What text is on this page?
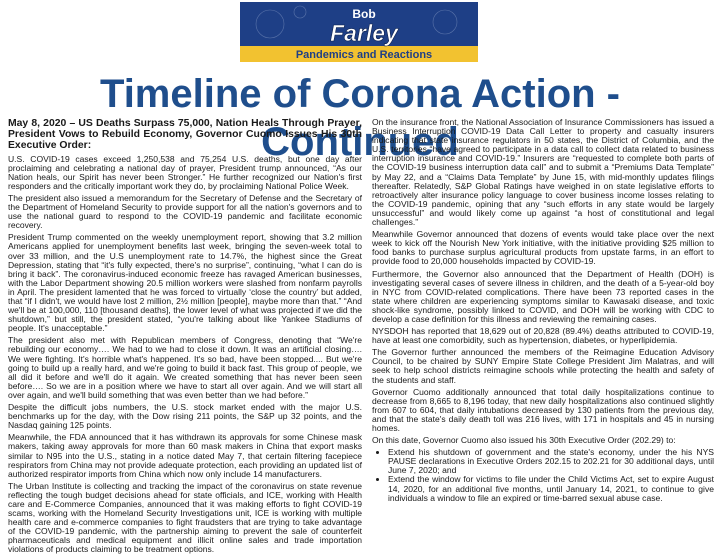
Bob
Farley
Pandemics and Reactions
Timeline of Corona Action - Continued

May 8, 2020 – US Deaths Surpass 75,000, Nation Heals Through Prayer, President Vows to Rebuild Economy, Governor Cuomo Issues His 30th Executive Order:

U.S. COVID-19 cases exceed 1,250,538 and 75,254 U.S. deaths, but one day after proclaiming and celebrating a national day of prayer, President trump announced, “As our Nation heals, our Spirit has never been Stronger.” He further recognized our Nation's first responders and the critically important work they do, by proclaiming National Police Week.

The president also issued a memorandum for the Secretary of Defense and the Secretary of the Department of Homeland Security to provide support for all the nation's governors and to use the national guard to respond to the COVID-19 pandemic and facilitate economic recovery.

President Trump commented on the weekly unemployment report, showing that 3.2 million Americans applied for unemployment benefits last week, bringing the seven-week total to over 33 million, and the U.S unemployment rate to 14.7%, the highest since the Great Depression, stating that “it's fully expected, there's no surprise”, continuing, “what I can do is bring it back”. The coronavirus-induced economic freeze has ravaged American businesses, with the Labor Department showing 20.5 million workers were slashed from nonfarm payrolls in April. The president lamented that he was forced to virtually ‘close the country’ but added, that “if I didn't, we would have lost 2 million, 2½ million [people], maybe more than that.” “And we'll be at 100,000, 110 [thousand deaths], the lower level of what was projected if we did the shutdown,” but still, the president stated, “you're talking about like Yankee Stadiums of people. It's unacceptable.”

The president also met with Republican members of Congress, denoting that “We're rebuilding our economy…. We had to we had to close it down. It was an artificial closing…. We were fighting. It's horrible what's happened. It's so bad, have been stopped.... But we're going to build up a really hard, and we're going to build it back fast. This group of people, we all did it before and we'll do it again. We created something that has never been seen before…. So we are in a position where we have to start all over again. And we will start all over again, and we'll build something that was even better than we had before.”

Despite the difficult jobs numbers, the U.S. stock market ended with the major U.S. benchmarks up for the day, with the Dow rising 211 points, the S&P up 32 points, and the Nasdaq gaining 125 points.

Meanwhile, the FDA announced that it has withdrawn its approvals for some Chinese mask makers, taking away approvals for more than 60 mask makers in China that export masks similar to N95 into the U.S., stating in a notice dated May 7, that certain filtering facepiece respirators from China may not provide adequate protection, each providing an updated list of authorized respirator imports from China which now only include 14 manufacturers.

The Urban Institute is collecting and tracking the impact of the coronavirus on state revenue reflecting the tough budget decisions ahead for state officials, and ICE, working with Health care and E-Commerce Companies, announced that it was making efforts to fight COVID-19 scams, working with the Homeland Security Investigations unit, ICE is working with multiple health care and e-commerce companies to fight fraudsters that are trying to take advantage of the COVID-19 pandemic, with the partnership aiming to prevent the sale of counterfeit pharmaceuticals and medical equipment and illicit online sales and trade importation violations of products claiming to be treatment options.

On the insurance front, the National Association of Insurance Commissioners has issued a Business Interruption COVID-19 Data Call Letter to property and casualty insurers indicating that state insurance regulators in 50 states, the District of Columbia, and the U.S. territories “have agreed to participate in a data call to collect data related to business interruption insurance and COVID-19.” Insurers are “requested to complete both parts of the COVID-19 business interruption data call” and to submit a “Premiums Data Template” by May 22, and a “Claims Data Template” by June 15, with mid-monthly updates filings thereafter. Relatedly, S&P Global Ratings have weighed in on state legislative efforts to retroactively alter insurance policy language to cover business income losses relating to the COVID-19 pandemic, opining that any “such efforts in any state would be largely unsuccessful” and would likely come up against “a host of constitutional and legal challenges.”

Meanwhile Governor announced that dozens of events would take place over the next week to kick off the Nourish New York initiative, with the initiative providing $25 million to food banks to purchase surplus agricultural products from upstate farms, in an effort to provide food to 20,000 households impacted by COVID-19.

Furthermore, the Governor also announced that the Department of Health (DOH) is investigating several cases of severe illness in children, and the death of a 5-year-old boy in NYC from COVID-related complications. There have been 73 reported cases in the state where children are experiencing symptoms similar to Kawasaki disease, and toxic shock-like syndrome, possibly linked to COVID, and DOH will be working with CDC to develop a case definition for this illness and reviewing the remaining cases.

NYSDOH has reported that 18,629 out of 20,828 (89.4%) deaths attributed to COVID-19, have at least one comorbidity, such as hypertension, diabetes, or hyperlipidemia.

The Governor further announced the members of the Reimagine Education Advisory Council, to be chaired by SUNY Empire State College President Jim Malatras, and will seek to help school districts reimagine schools while protecting the health and safety of the students and staff.

Governor Cuomo additionally announced that total daily hospitalizations continue to decrease from 8,665 to 8,196 today, that new daily hospitalizations also continued slightly from 607 to 604, that daily intubations decreased by 130 patients from the previous day, and that the state's daily death toll was 216 lives, with 171 in hospitals and 45 in nursing homes.

On this date, Governor Cuomo also issued his 30th Executive Order (202.29) to:

• Extend his shutdown of government and the state's economy, under the his NYS PAUSE declarations in Executive Orders 202.15 to 202.21 for 30 additional days, until June 7, 2020; and
• Extend the window for victims to file under the Child Victims Act, set to expire August 14, 2020, for an additional five months, until January 14, 2021, to continue to give individuals a window to file an expired or time-barred sexual abuse case.
